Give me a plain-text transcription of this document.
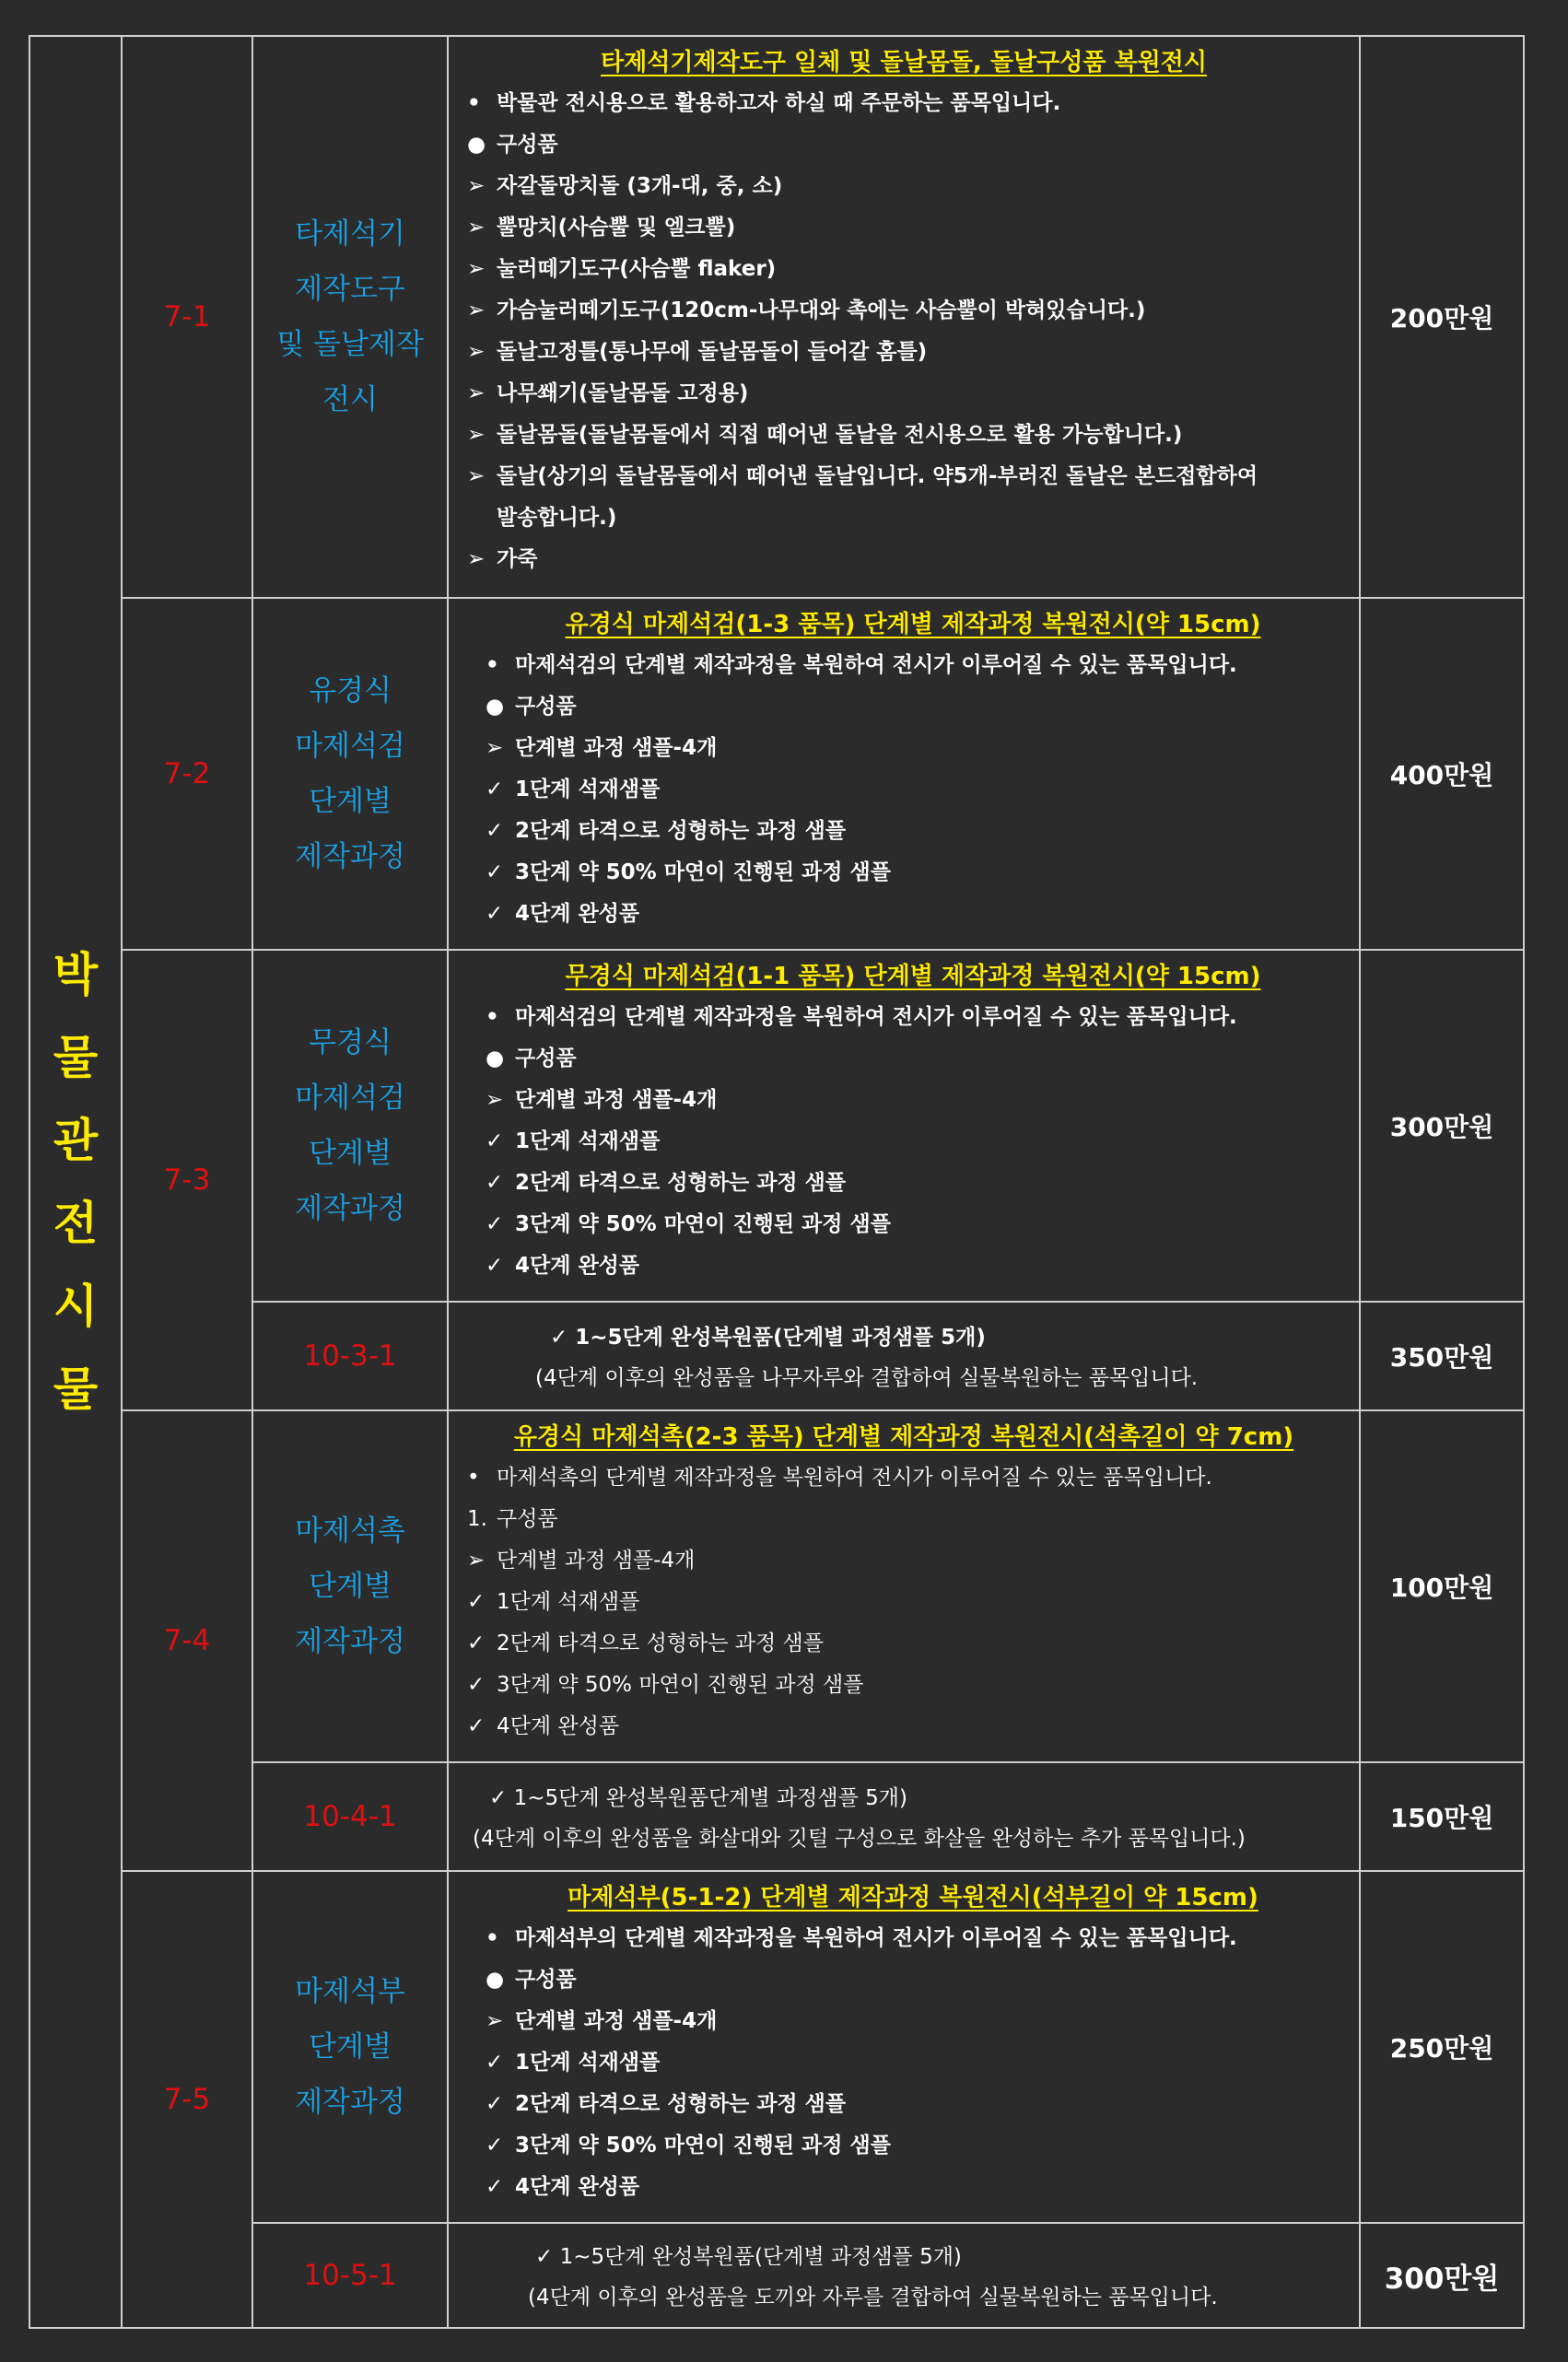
박
물
관
전
시
물
7-1
타제석기
제작도구
및 돌날제작
전시
타제석기제작도구 일체 및 돌날몸돌, 돌날구성품 복원전시
• 박물관 전시용으로 활용하고자 하실 때 주문하는 품목입니다.
● 구성품
➢ 자갈돌망치돌 (3개-대, 중, 소)
➢ 뿔망치(사슴뿔 및 엘크뿔)
➢ 눌러떼기도구(사슴뿔 flaker)
➢ 가슴눌러떼기도구(120cm-나무대와 촉에는 사슴뿔이 박혀있습니다.)
➢ 돌날고정틀(통나무에 돌날몸돌이 들어갈 홈틀)
➢ 나무쐐기(돌날몸돌 고정용)
➢ 돌날몸돌(돌날몸돌에서 직접 떼어낸 돌날을 전시용으로 활용 가능합니다.)
➢ 돌날(상기의 돌날몸돌에서 떼어낸 돌날입니다. 약5개-부러진 돌날은 본드접합하여
발송합니다.)
➢ 가죽
200만원
7-2
유경식
마제석검
단계별
제작과정
유경식 마제석검(1-3 품목) 단계별 제작과정 복원전시(약 15cm)
• 마제석검의 단계별 제작과정을 복원하여 전시가 이루어질 수 있는 품목입니다.
● 구성품
➢ 단계별 과정 샘플-4개
✓ 1단계 석재샘플
✓ 2단계 타격으로 성형하는 과정 샘플
✓ 3단계 약 50% 마연이 진행된 과정 샘플
✓ 4단계 완성품
400만원
7-3
무경식
마제석검
단계별
제작과정
무경식 마제석검(1-1 품목) 단계별 제작과정 복원전시(약 15cm)
• 마제석검의 단계별 제작과정을 복원하여 전시가 이루어질 수 있는 품목입니다.
● 구성품
➢ 단계별 과정 샘플-4개
✓ 1단계 석재샘플
✓ 2단계 타격으로 성형하는 과정 샘플
✓ 3단계 약 50% 마연이 진행된 과정 샘플
✓ 4단계 완성품
300만원
10-3-1
✓ 1~5단계 완성복원품(단계별 과정샘플 5개)
(4단계 이후의 완성품을 나무자루와 결합하여 실물복원하는 품목입니다.
350만원
7-4
마제석촉
단계별
제작과정
유경식 마제석촉(2-3 품목) 단계별 제작과정 복원전시(석촉길이 약 7cm)
• 마제석촉의 단계별 제작과정을 복원하여 전시가 이루어질 수 있는 품목입니다.
1. 구성품
➢ 단계별 과정 샘플-4개
✓ 1단계 석재샘플
✓ 2단계 타격으로 성형하는 과정 샘플
✓ 3단계 약 50% 마연이 진행된 과정 샘플
✓ 4단계 완성품
100만원
10-4-1
✓ 1~5단계 완성복원품단계별 과정샘플 5개)
(4단계 이후의 완성품을 화살대와 깃털 구성으로 화살을 완성하는 추가 품목입니다.)
150만원
7-5
마제석부
단계별
제작과정
마제석부(5-1-2) 단계별 제작과정 복원전시(석부길이 약 15cm)
• 마제석부의 단계별 제작과정을 복원하여 전시가 이루어질 수 있는 품목입니다.
● 구성품
➢ 단계별 과정 샘플-4개
✓ 1단계 석재샘플
✓ 2단계 타격으로 성형하는 과정 샘플
✓ 3단계 약 50% 마연이 진행된 과정 샘플
✓ 4단계 완성품
250만원
10-5-1
✓ 1~5단계 완성복원품(단계별 과정샘플 5개)
(4단계 이후의 완성품을 도끼와 자루를 결합하여 실물복원하는 품목입니다.
300만원
